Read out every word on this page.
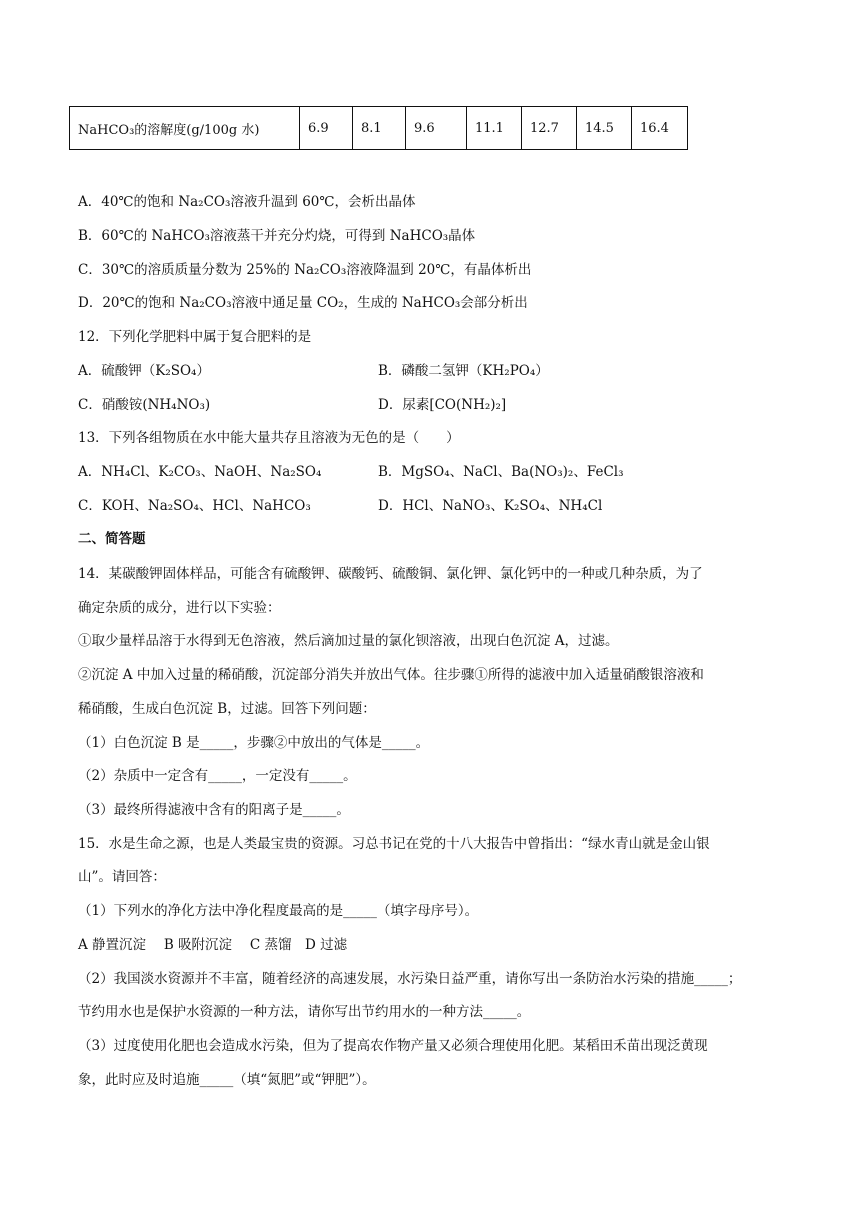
NaHCO₃的溶解度(g/100g 水)	6.9	8.1	9.6	11.1	12.7	14.5	16.4
A．40℃的饱和 Na₂CO₃溶液升温到 60℃，会析出晶体
B．60℃的 NaHCO₃溶液蒸干并充分灼烧，可得到 NaHCO₃晶体
C．30℃的溶质质量分数为 25%的 Na₂CO₃溶液降温到 20℃，有晶体析出
D．20℃的饱和 Na₂CO₃溶液中通足量 CO₂，生成的 NaHCO₃会部分析出
12．下列化学肥料中属于复合肥料的是
A．硫酸钾（K₂SO₄）	B．磷酸二氢钾（KH₂PO₄）
C．硝酸铵(NH₄NO₃)	D．尿素[CO(NH₂)₂]
13．下列各组物质在水中能大量共存且溶液为无色的是（　　）
A．NH₄Cl、K₂CO₃、NaOH、Na₂SO₄	B．MgSO₄、NaCl、Ba(NO₃)₂、FeCl₃
C．KOH、Na₂SO₄、HCl、NaHCO₃	D．HCl、NaNO₃、K₂SO₄、NH₄Cl
二、简答题
14．某碳酸钾固体样品，可能含有硫酸钾、碳酸钙、硫酸铜、氯化钾、氯化钙中的一种或几种杂质，为了
确定杂质的成分，进行以下实验：
①取少量样品溶于水得到无色溶液，然后滴加过量的氯化钡溶液，出现白色沉淀 A，过滤。
②沉淀 A 中加入过量的稀硝酸，沉淀部分消失并放出气体。往步骤①所得的滤液中加入适量硝酸银溶液和
稀硝酸，生成白色沉淀 B，过滤。回答下列问题：
（1）白色沉淀 B 是_____，步骤②中放出的气体是_____。
（2）杂质中一定含有_____，一定没有_____。
（3）最终所得滤液中含有的阳离子是_____。
15．水是生命之源，也是人类最宝贵的资源。习总书记在党的十八大报告中曾指出：“绿水青山就是金山银
山”。请回答：
（1）下列水的净化方法中净化程度最高的是_____（填字母序号）。
A 静置沉淀　 B 吸附沉淀　 C 蒸馏　D 过滤
（2）我国淡水资源并不丰富，随着经济的高速发展，水污染日益严重，请你写出一条防治水污染的措施_____；
节约用水也是保护水资源的一种方法，请你写出节约用水的一种方法_____。
（3）过度使用化肥也会造成水污染，但为了提高农作物产量又必须合理使用化肥。某稻田禾苗出现泛黄现
象，此时应及时追施_____（填“氮肥”或“钾肥”）。
